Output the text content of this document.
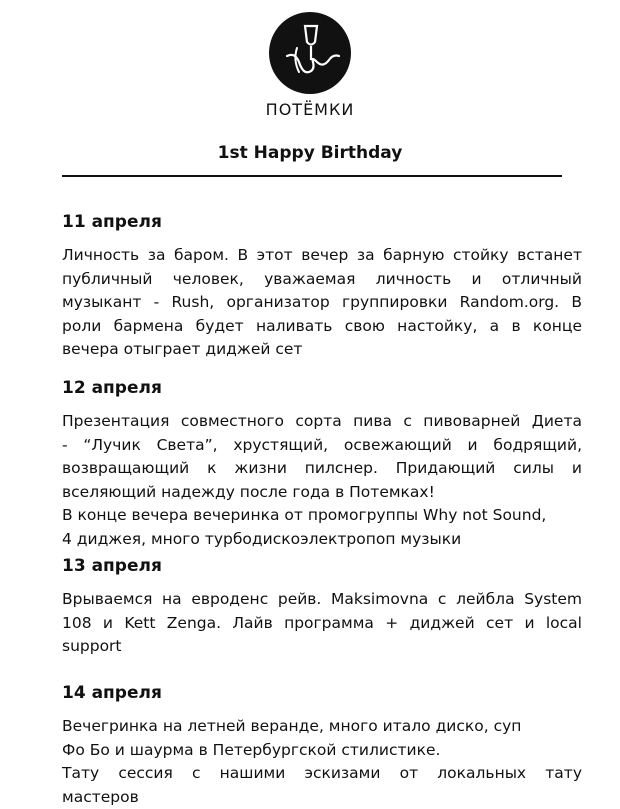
ПОТЁМКИ
1st Happy Birthday
11 апреля
Личность за баром. В этот вечер за барную стойку встанет
публичный человек, уважаемая личность и отличный
музыкант - Rush, организатор группировки Random.org. В
роли бармена будет наливать свою настойку, а в конце
вечера отыграет диджей сет
12 апреля
Презентация совместного сорта пива с пивоварней Диета
- “Лучик Света”, хрустящий, освежающий и бодрящий,
возвращающий к жизни пилснер. Придающий силы и
вселяющий надежду после года в Потемках!
В конце вечера вечеринка от промогруппы Why not Sound,
4 диджея, много турбодискоэлектропоп музыки
13 апреля
Врываемся на евроденс рейв. Maksimovna с лейбла System
108 и Kett Zenga. Лайв программа + диджей сет и local
support
14 апреля
Вечегринка на летней веранде, много итало диско, суп
Фо Бо и шаурма в Петербургской стилистике.
Тату сессия с нашими эскизами от локальных тату
мастеров
